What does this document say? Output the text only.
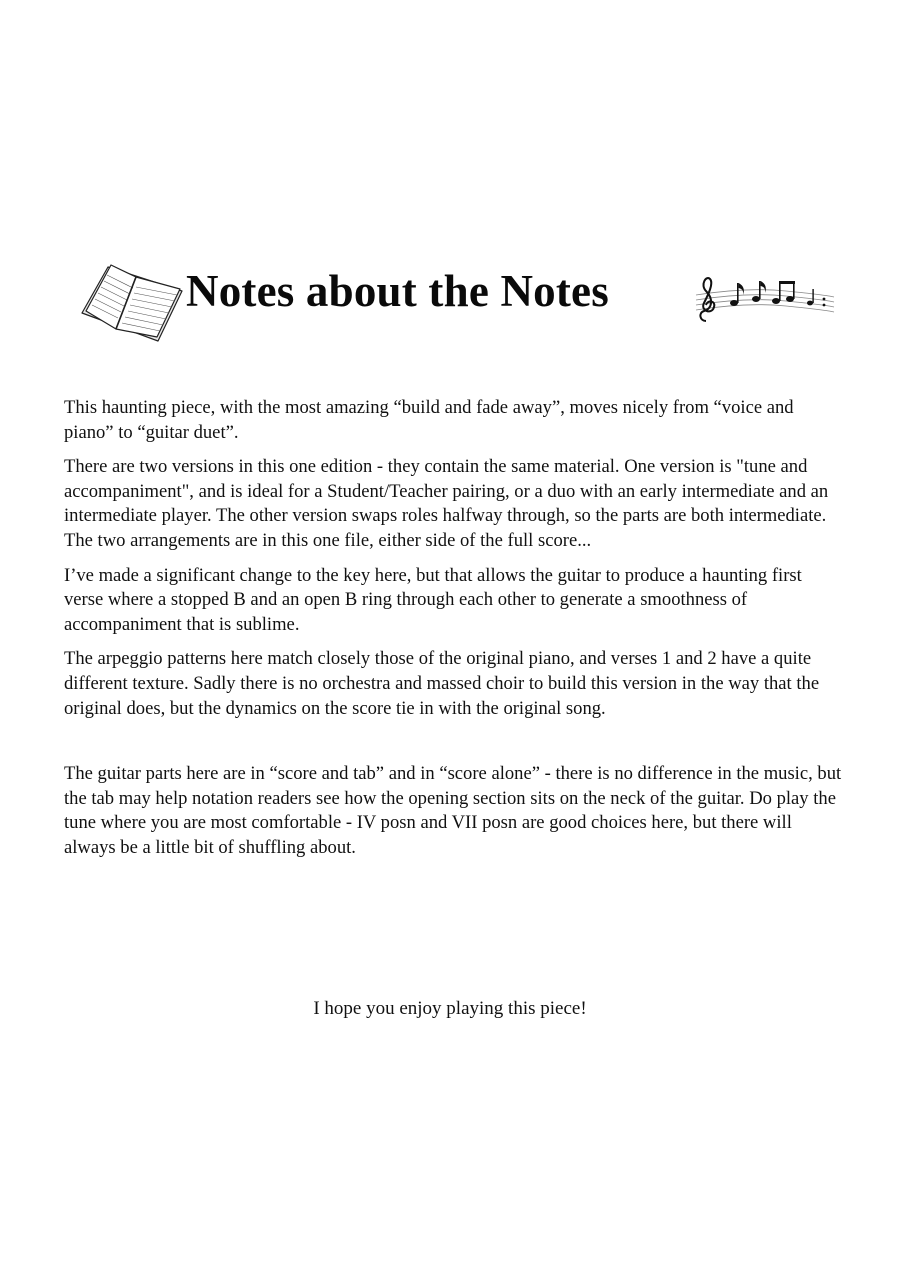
Notes about the Notes

This haunting piece, with the most amazing “build and fade away”, moves nicely from “voice and piano” to “guitar duet”.

There are two versions in this one edition - they contain the same material. One version is "tune and accompaniment", and is ideal for a Student/Teacher pairing, or a duo with an early intermediate and an intermediate player. The other version swaps roles halfway through, so the parts are both intermediate. The two arrangements are in this one file, either side of the full score...

I’ve made a significant change to the key here, but that allows the guitar to produce a haunting first verse where a stopped B and an open B ring through each other to generate a smoothness of accompaniment that is sublime.

The arpeggio patterns here match closely those of the original piano, and verses 1 and 2 have a quite different texture. Sadly there is no orchestra and massed choir to build this version in the way that the original does, but the dynamics on the score tie in with the original song.

The guitar parts here are in “score and tab” and in “score alone” - there is no difference in the music, but the tab may help notation readers see how the opening section sits on the neck of the guitar. Do play the tune where you are most comfortable - IV posn and VII posn are good choices here, but there will always be a little bit of shuffling about.

I hope you enjoy playing this piece!
